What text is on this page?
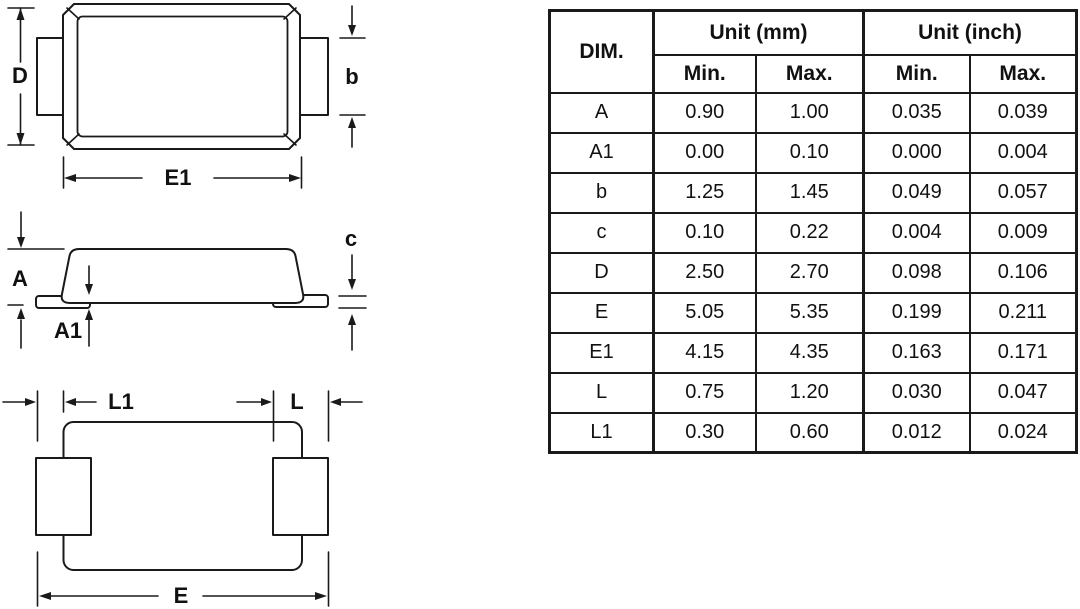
D	b
E1
A
A1
c
L1	L
E
DIM.	Unit (mm)		Unit (inch)	
	Min.	Max.	Min.	Max.
A	0.90	1.00	0.035	0.039
A1	0.00	0.10	0.000	0.004
b	1.25	1.45	0.049	0.057
c	0.10	0.22	0.004	0.009
D	2.50	2.70	0.098	0.106
E	5.05	5.35	0.199	0.211
E1	4.15	4.35	0.163	0.171
L	0.75	1.20	0.030	0.047
L1	0.30	0.60	0.012	0.024
